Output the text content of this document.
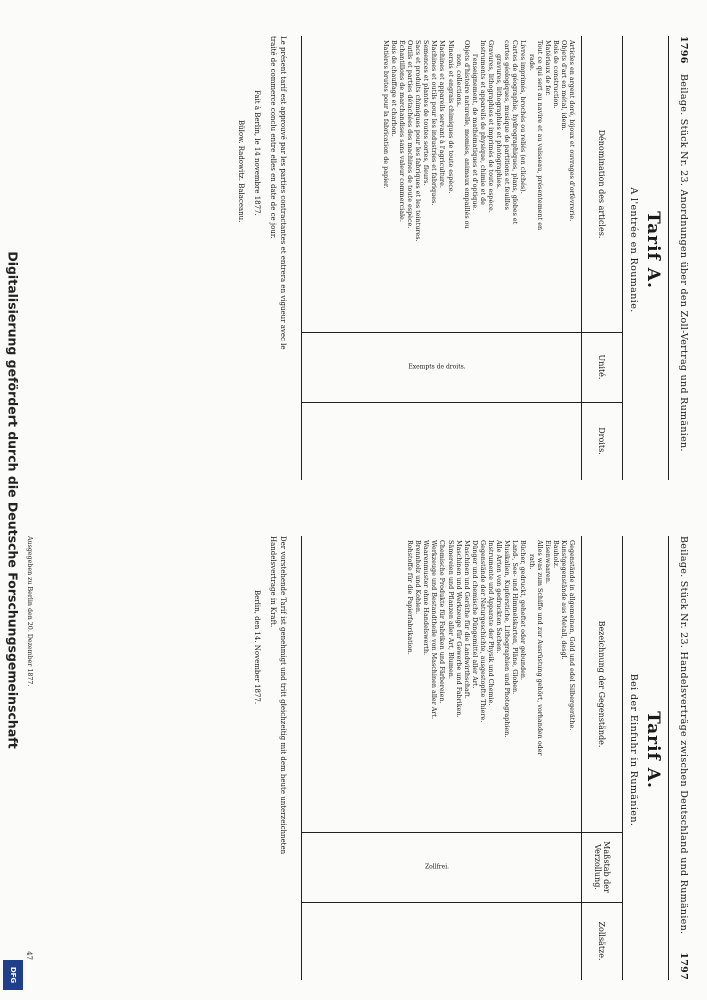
Digitalisierung gefördert durch die Deutsche Forschungsgemeinschaft
DFG
1796
Beilage. Stück Nr. 23. Anordnungen über den Zoll-Vertrag und Rumänien.
Tarif A.
A l'entrée en Roumanie.
Dénomination des articles.
Unité.
Droits.
Articles en argent doré, bijoux et ouvrages d'orfèvrerie.
Objets d'art en métal, idem.
Bois de construction.
Matériaux de fer.
Tout ce qui sert au navire et au vaisseau, présentement en
rade.
Livres imprimés, brochés ou reliés (en clichés).
Cartes de géographie, hydrographiques, plans, globes et
cartes géologiques, musique de partitions et feuilles
gravures, lithographies et photographies.
Gravures, lithographies et imprimés de toute espèce.
Instruments et appareils de physique, chimie et de
l'enseignement, de mathématiques et d'optique.
Objets d'histoire naturelle, momies, animaux empaillés ou
non, collections.
Minerais et engrais chimiques de toute espèce.
Machines et appareils servant à l'agriculture.
Machines et outils pour les industries et fabriques.
Semences et plantes de toutes sortes, fleurs.
Sacs et produits chimiques pour les fabriques et les teintures.
Outils et parties détachées des machines de toute espèce.
Échantillons de marchandises sans valeur commerciale.
Bois de chauffage et charbon.
Matières brutes pour la fabrication de papier.
Exempts de droits.
Le présent tarif est approuvé par les parties contractantes et entrera en vigueur avec le
traité de commerce conclu entre elles en date de ce jour.
Fait à Berlin, le 14 novembre 1877.
Bülow. Radowitz. Balaceanu.
Beilage. Stück Nr. 23. Handelsverträge zwischen Deutschland und Rumänien.
1797
Tarif A.
Bei der Einfuhr in Rumänien.
Bezeichnung der Gegenstände.
Maßstab der Verzollung.
Zollsätze.
Gegenstände in allgemeinen, Gold und edel Silbergeräthe.
Kunstgegenstände aus Metall, desgl.
Bauholz.
Eisenwaaren.
Alles was zum Schiffe und zur Ausrüstung gehört, vorhanden oder
rath.
Bücher, gedruckt, geheftet oder gebunden.
Land-, See- und Himmelskarten, Pläne, Globen.
Musikalien, Kupferstiche, Lithographien und Photographien.
Alle Arten von gedruckten Sachen.
Instrumente und Apparate der Physik und Chemie.
Gegenstände der Naturgeschichte, ausgestopfte Thiere.
Dünger und chemische Düngemittel aller Art.
Maschinen und Geräthe für die Landwirthschaft.
Maschinen und Werkzeuge für Gewerbe und Fabriken.
Sämereien und Pflanzen aller Art, Blumen.
Chemische Produkte für Fabriken und Färbereien.
Werkzeuge und Bestandtheile von Maschinen aller Art.
Waarenmuster ohne Handelswerth.
Brennholz und Kohlen.
Rohstoffe für die Papierfabrikation.
Zollfrei.
Der vorstehende Tarif ist genehmigt und tritt gleichzeitig mit dem heute unterzeichneten
Handelsvertrage in Kraft.
Berlin, den 14. November 1877.
Ausgegeben zu Berlin den 20. Dezember 1877.
47
